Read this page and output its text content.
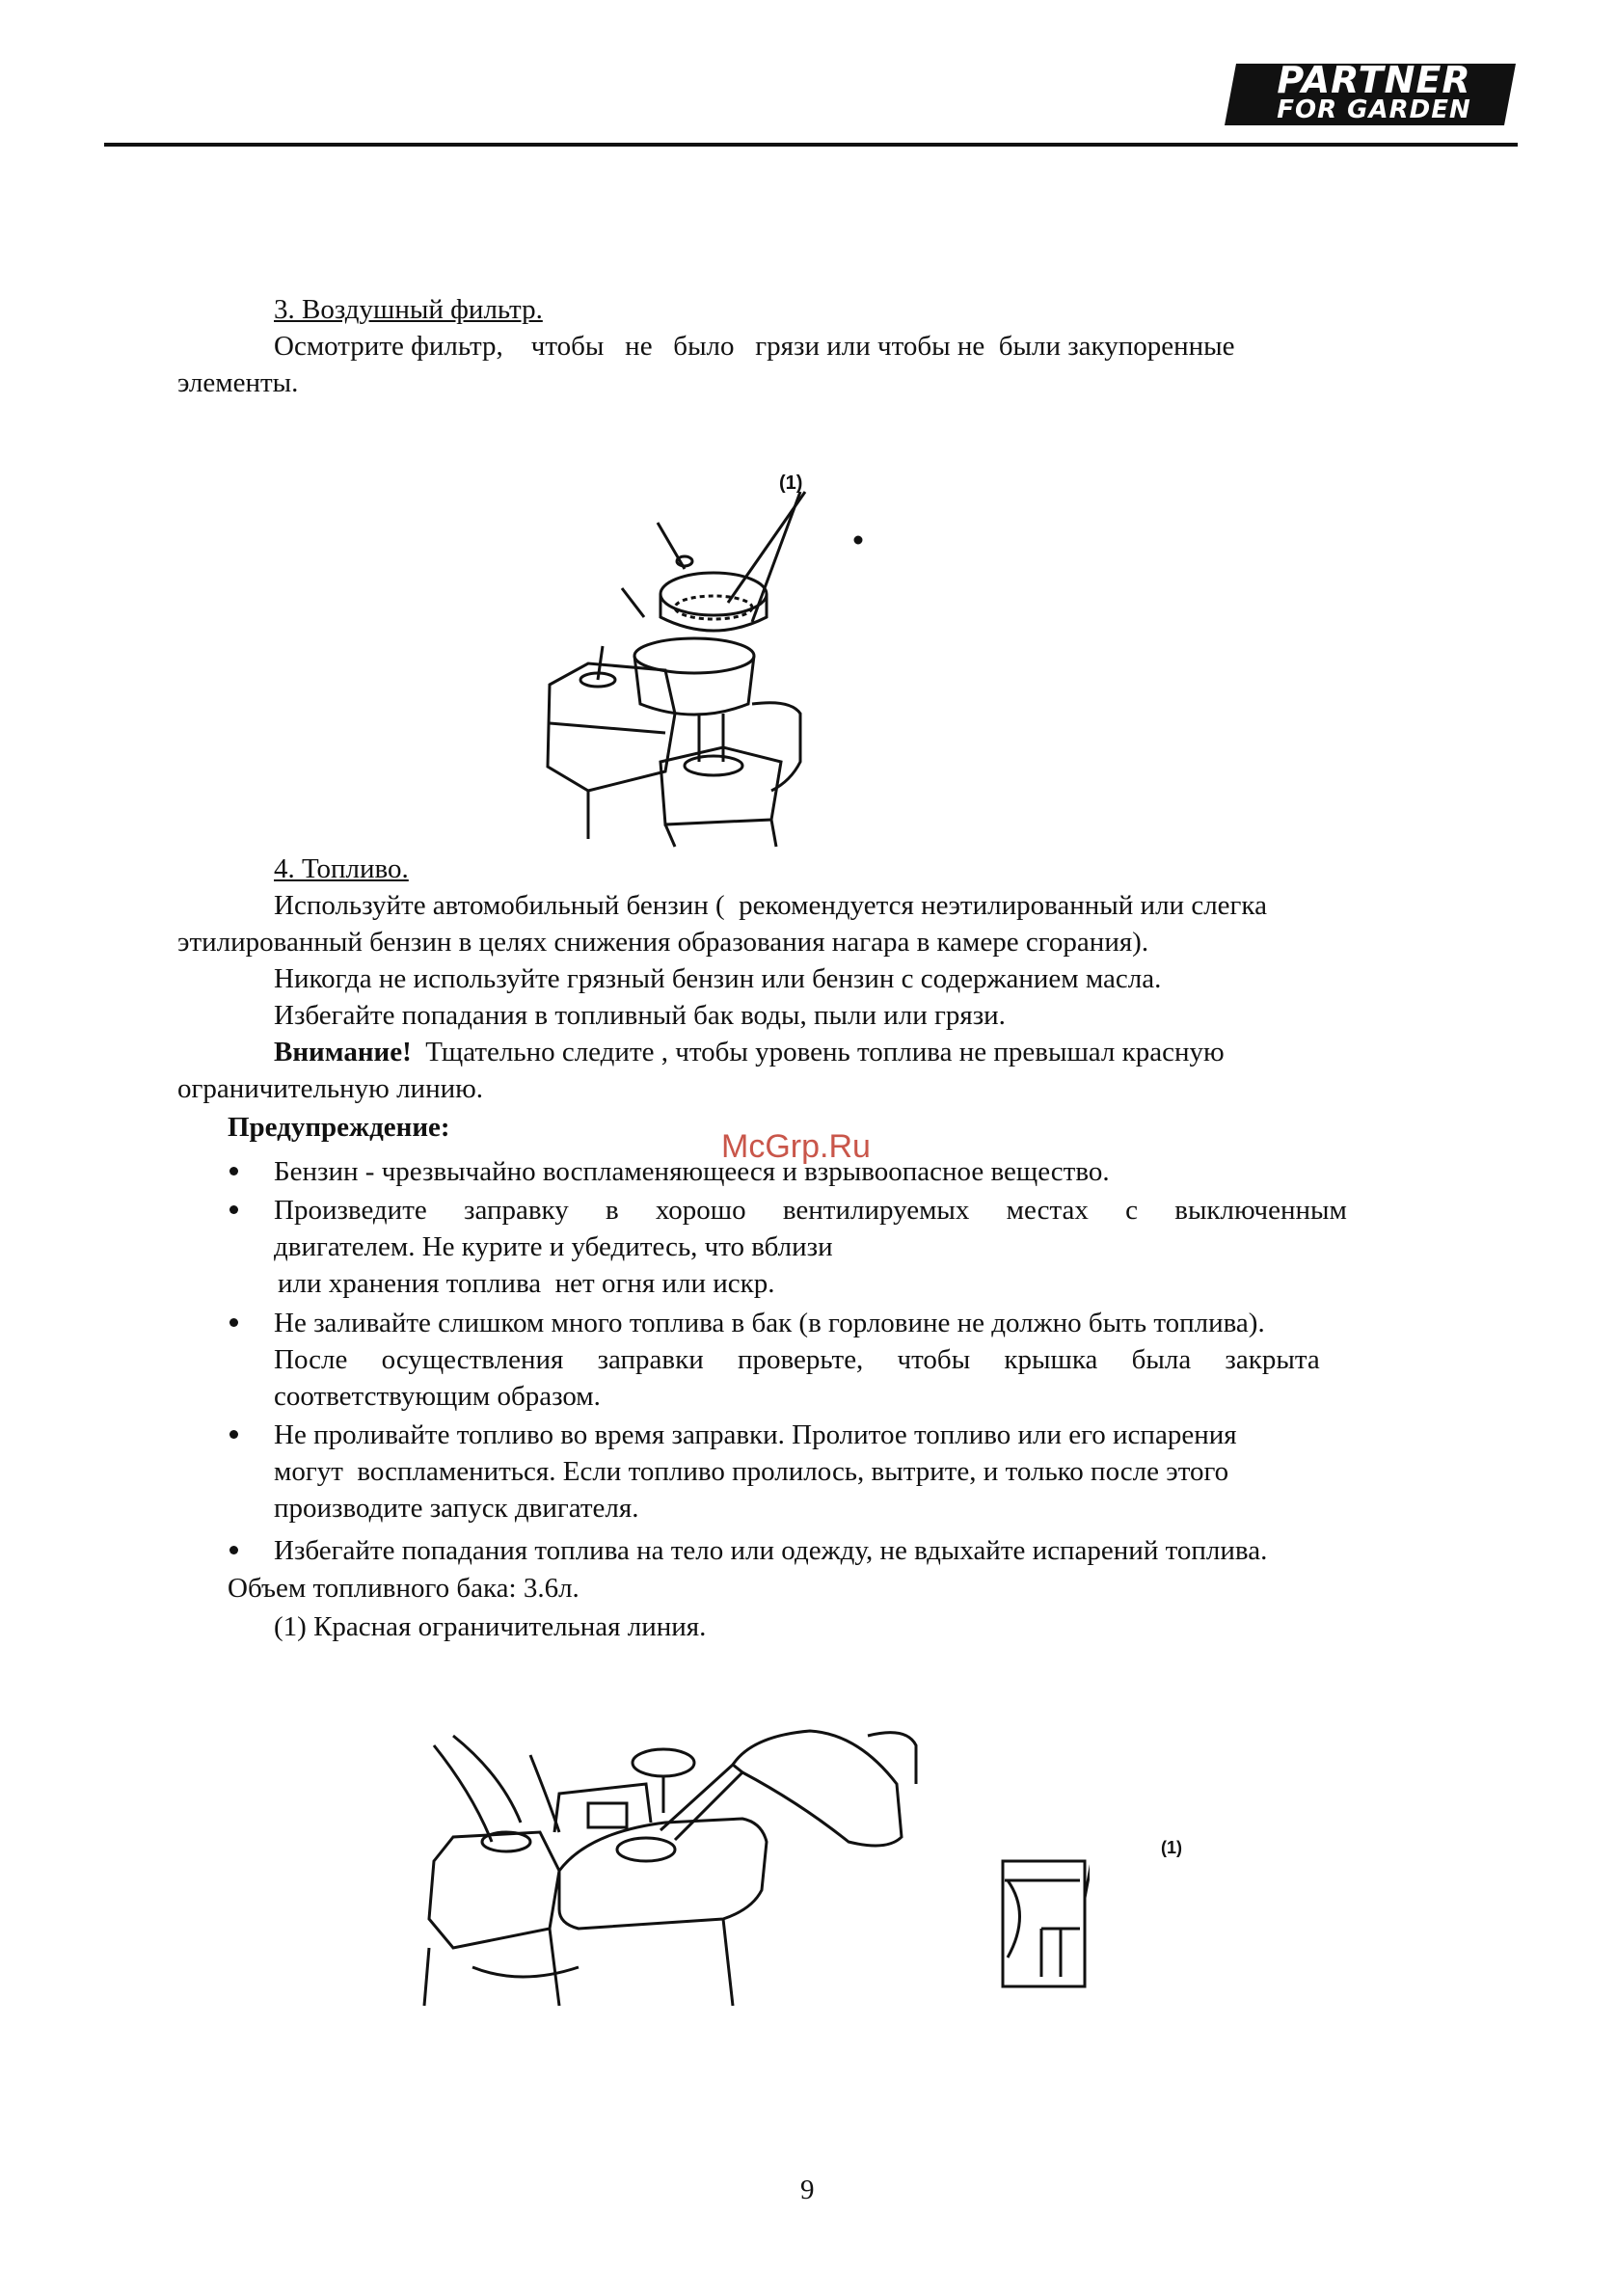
PARTNER
FOR GARDEN
3. Воздушный фильтр.
Осмотрите фильтр,    чтобы   не   было   грязи или чтобы не  были закупоренные
элементы.
(1)
4. Топливо.
Используйте автомобильный бензин (  рекомендуется неэтилированный или слегка
этилированный бензин в целях снижения образования нагара в камере сгорания).
Никогда не используйте грязный бензин или бензин с содержанием масла.
Избегайте попадания в топливный бак воды, пыли или грязи.
Внимание!  Тщательно следите , чтобы уровень топлива не превышал красную
ограничительную линию.
Предупреждение:
Бензин - чрезвычайно воспламеняющееся и взрывоопасное вещество.
Произведите заправку в хорошо вентилируемых местах с выключенным
двигателем. Не курите и убедитесь, что вблизи
или хранения топлива  нет огня или искр.
Не заливайте слишком много топлива в бак (в горловине не должно быть топлива).
После осуществления заправки проверьте, чтобы крышка была закрыта
соответствующим образом.
Не проливайте топливо во время заправки. Пролитое топливо или его испарения
могут  воспламениться. Если топливо пролилось, вытрите, и только после этого
производите запуск двигателя.
Избегайте попадания топлива на тело или одежду, не вдыхайте испарений топлива.
Объем топливного бака: 3.6л.
(1) Красная ограничительная линия.
McGrp.Ru
(1)
9
